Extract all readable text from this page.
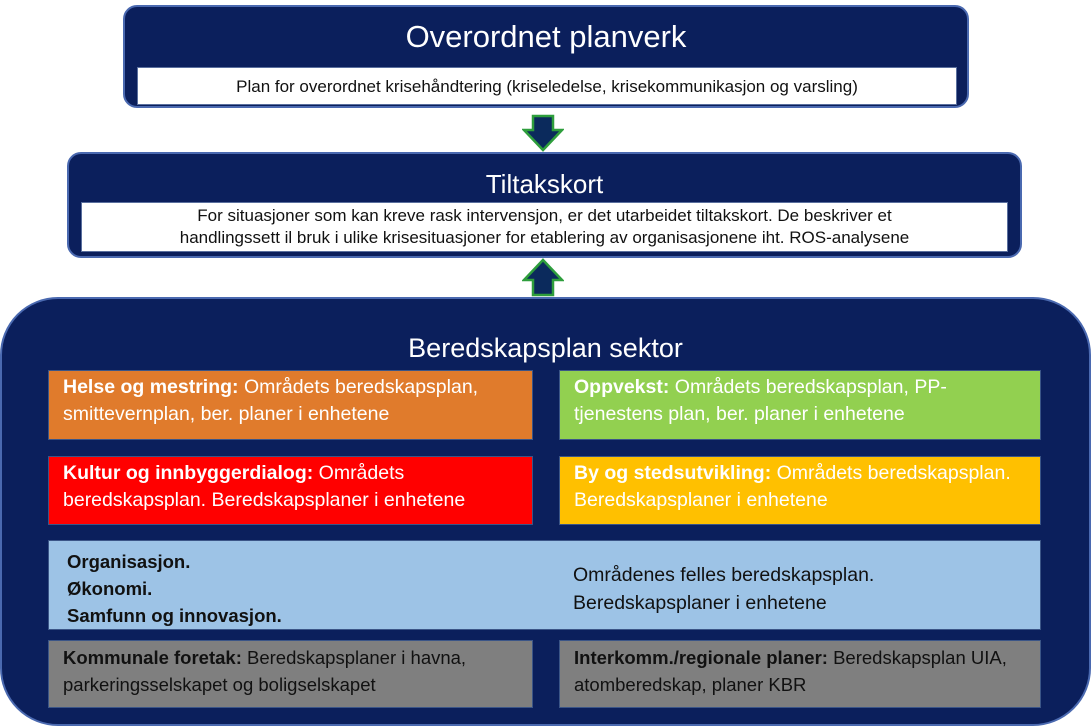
Overordnet planverk
Plan for overordnet krisehåndtering (kriseledelse, krisekommunikasjon og varsling)
Tiltakskort
For situasjoner som kan kreve rask intervensjon, er det utarbeidet tiltakskort. De beskriver et
handlingssett il bruk i ulike krisesituasjoner for etablering av organisasjonene iht. ROS-analysene
Beredskapsplan sektor
Helse og mestring: Områdets beredskapsplan, smittevernplan, ber. planer i enhetene
Oppvekst: Områdets beredskapsplan, PP-tjenestens plan, ber. planer i enhetene
Kultur og innbyggerdialog: Områdets beredskapsplan. Beredskapsplaner i enhetene
By og stedsutvikling: Områdets beredskapsplan. Beredskapsplaner i enhetene
Organisasjon.
Økonomi.
Samfunn og innovasjon.
Områdenes felles beredskapsplan.
Beredskapsplaner i enhetene
Kommunale foretak: Beredskapsplaner i havna, parkeringsselskapet og boligselskapet
Interkomm./regionale planer: Beredskapsplan UIA, atomberedskap, planer KBR
